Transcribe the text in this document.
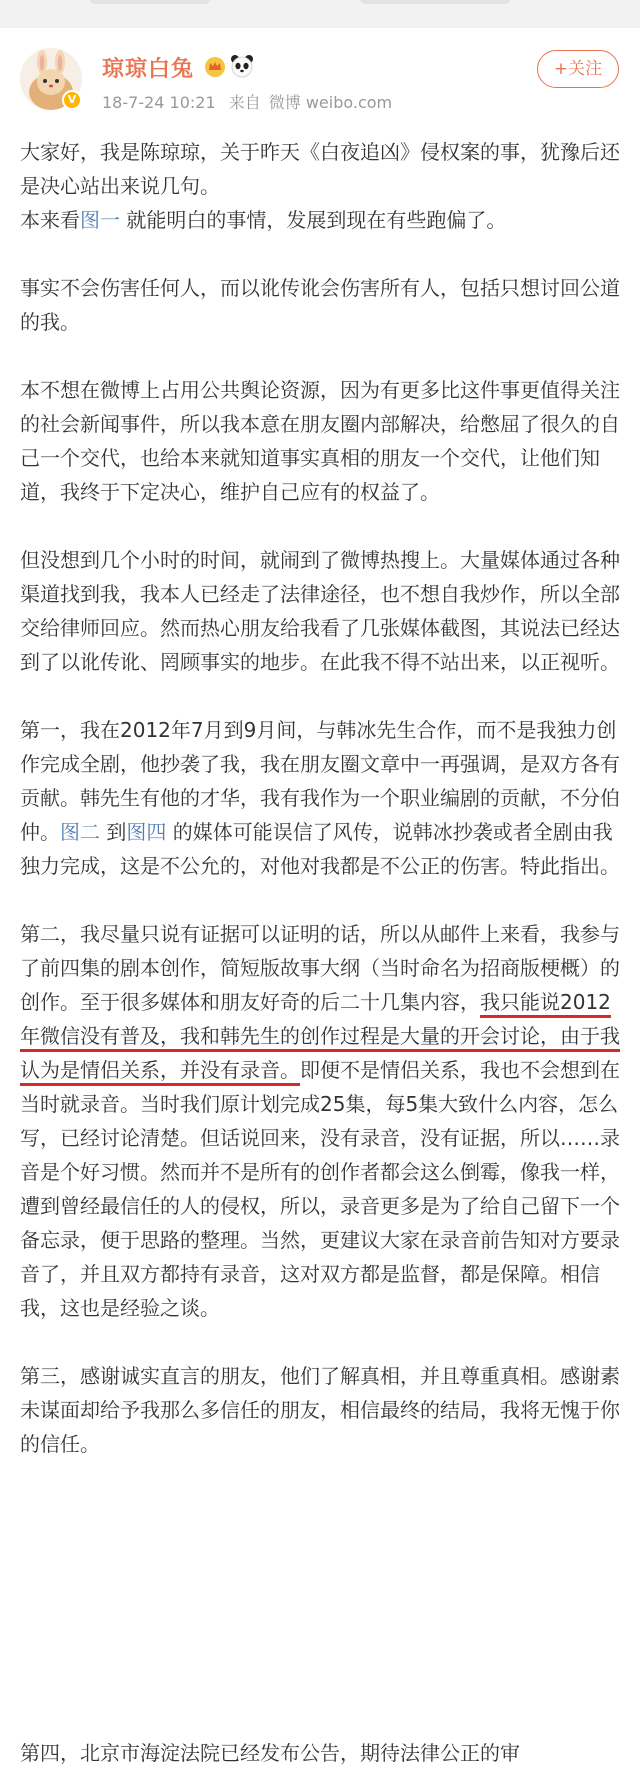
V
琼琼白兔
18-7-24 10:21 来自 微博 weibo.com
+关注

大家好，我是陈琼琼，关于昨天《白夜追凶》侵权案的事，犹豫后还是决心站出来说几句。

本来看图一 就能明白的事情，发展到现在有些跑偏了。

事实不会伤害任何人，而以讹传讹会伤害所有人，包括只想讨回公道的我。

本不想在微博上占用公共舆论资源，因为有更多比这件事更值得关注的社会新闻事件，所以我本意在朋友圈内部解决，给憋屈了很久的自己一个交代，也给本来就知道事实真相的朋友一个交代，让他们知道，我终于下定决心，维护自己应有的权益了。

但没想到几个小时的时间，就闹到了微博热搜上。大量媒体通过各种渠道找到我，我本人已经走了法律途径，也不想自我炒作，所以全部交给律师回应。然而热心朋友给我看了几张媒体截图，其说法已经达到了以讹传讹、罔顾事实的地步。在此我不得不站出来，以正视听。

第一，我在2012年7月到9月间，与韩冰先生合作，而不是我独力创作完成全剧，他抄袭了我，我在朋友圈文章中一再强调，是双方各有贡献。韩先生有他的才华，我有我作为一个职业编剧的贡献，不分伯仲。图二 到图四 的媒体可能误信了风传，说韩冰抄袭或者全剧由我独力完成，这是不公允的，对他对我都是不公正的伤害。特此指出。

第二，我尽量只说有证据可以证明的话，所以从邮件上来看，我参与了前四集的剧本创作，简短版故事大纲（当时命名为招商版梗概）的创作。至于很多媒体和朋友好奇的后二十几集内容，我只能说2012年微信没有普及，我和韩先生的创作过程是大量的开会讨论，由于我认为是情侣关系，并没有录音。即便不是情侣关系，我也不会想到在当时就录音。当时我们原计划完成25集，每5集大致什么内容，怎么写，已经讨论清楚。但话说回来，没有录音，没有证据，所以……录音是个好习惯。然而并不是所有的创作者都会这么倒霉，像我一样，遭到曾经最信任的人的侵权，所以，录音更多是为了给自己留下一个备忘录，便于思路的整理。当然，更建议大家在录音前告知对方要录音了，并且双方都持有录音，这对双方都是监督，都是保障。相信我，这也是经验之谈。

第三，感谢诚实直言的朋友，他们了解真相，并且尊重真相。感谢素未谋面却给予我那么多信任的朋友，相信最终的结局，我将无愧于你的信任。

第四，北京市海淀法院已经发布公告，期待法律公正的审
